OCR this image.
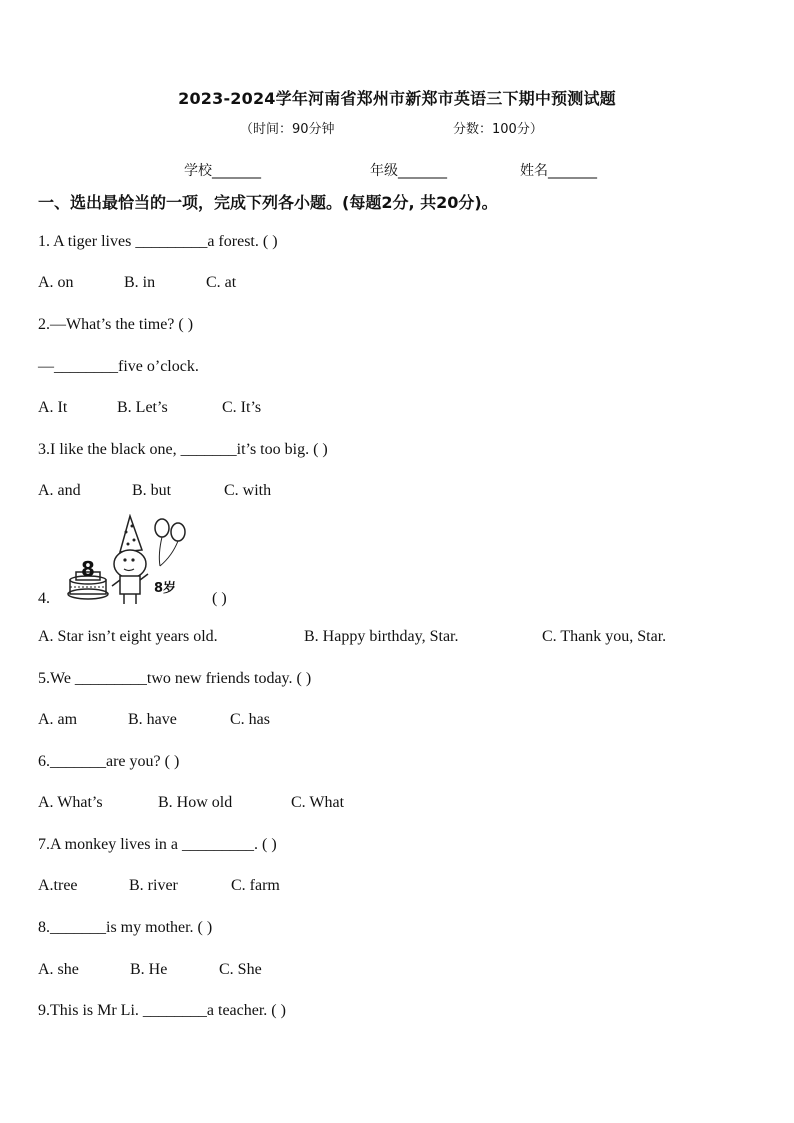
2023-2024学年河南省郑州市新郑市英语三下期中预测试题
（时间：90分钟	分数：100分）
学校_______	年级_______	姓名_______
一、选出最恰当的一项，完成下列各小题。(每题2分, 共20分)。
1. A tiger lives _________a forest. ( )
A. on	B. in	C. at
2.—What’s the time? ( )
—________five o’clock.
A. It	B. Let’s	C. It’s
3.I like the black one, _______it’s too big. ( )
A. and	B. but	C. with
4.
8
8岁
( )
A. Star isn’t eight years old.	B. Happy birthday, Star.	C. Thank you, Star.
5.We _________two new friends today. ( )
A. am	B. have	C. has
6._______are you? ( )
A. What’s	B. How old	C. What
7.A monkey lives in a _________. ( )
A.tree	B. river	C. farm
8._______is my mother. ( )
A. she	B. He	C. She
9.This is Mr Li. ________a teacher. ( )
